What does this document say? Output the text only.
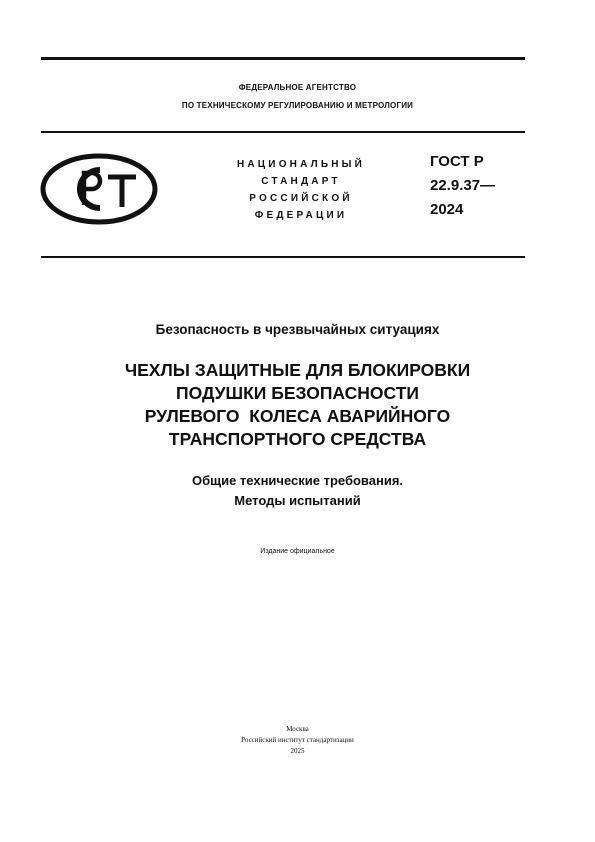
ФЕДЕРАЛЬНОЕ АГЕНТСТВО
ПО ТЕХНИЧЕСКОМУ РЕГУЛИРОВАНИЮ И МЕТРОЛОГИИ
НАЦИОНАЛЬНЫЙ
СТАНДАРТ
РОССИЙСКОЙ
ФЕДЕРАЦИИ
ГОСТ Р
22.9.37—
2024
Безопасность в чрезвычайных ситуациях
ЧЕХЛЫ ЗАЩИТНЫЕ ДЛЯ БЛОКИРОВКИ
ПОДУШКИ БЕЗОПАСНОСТИ
РУЛЕВОГО  КОЛЕСА АВАРИЙНОГО
ТРАНСПОРТНОГО СРЕДСТВА
Общие технические требования.
Методы испытаний
Издание официальное
Москва
Российский институт стандартизации
2025
